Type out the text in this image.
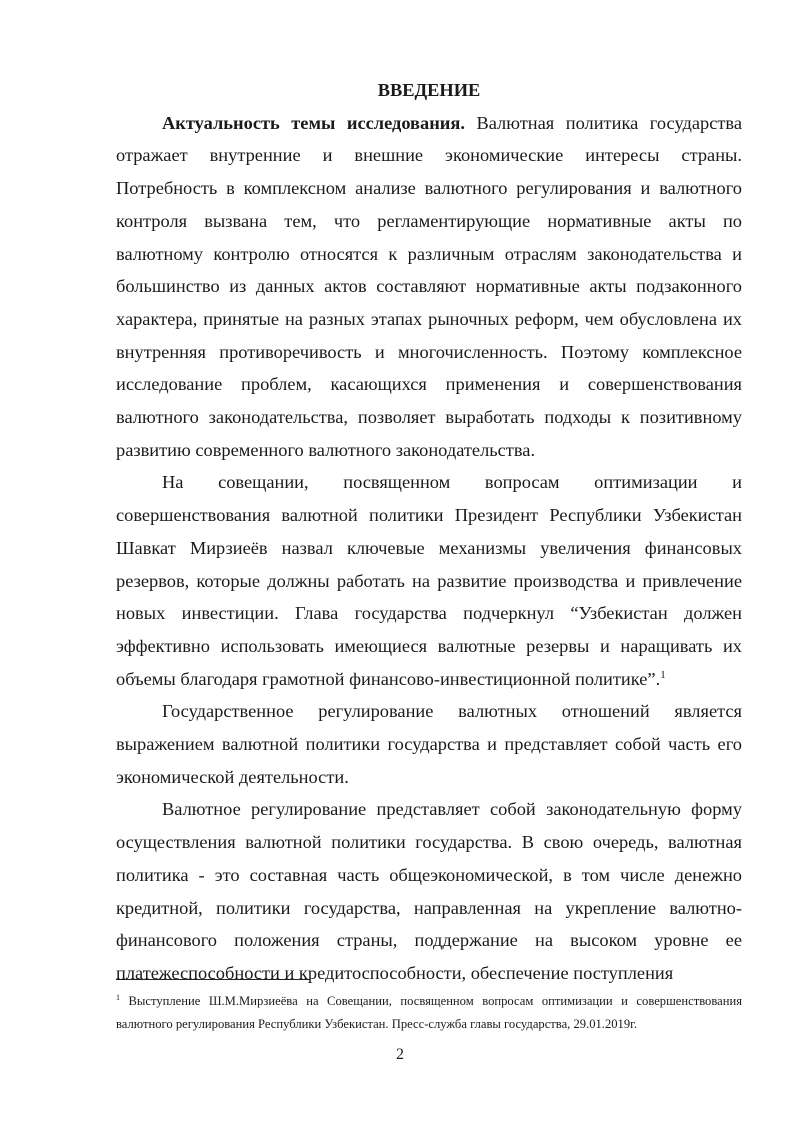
ВВЕДЕНИЕ

Актуальность темы исследования. Валютная политика государства отражает внутренние и внешние экономические интересы страны. Потребность в комплексном анализе валютного регулирования и валютного контроля вызвана тем, что регламентирующие нормативные акты по валютному контролю относятся к различным отраслям законодательства и большинство из данных актов составляют нормативные акты подзаконного характера, принятые на разных этапах рыночных реформ, чем обусловлена их внутренняя противоречивость и многочисленность. Поэтому комплексное исследование проблем, касающихся применения и совершенствования валютного законодательства, позволяет выработать подходы к позитивному развитию современного валютного законодательства.

На совещании, посвященном вопросам оптимизации и совершенствования валютной политики Президент Республики Узбекистан Шавкат Мирзиеёв назвал ключевые механизмы увеличения финансовых резервов, которые должны работать на развитие производства и привлечение новых инвестиции. Глава государства подчеркнул “Узбекистан должен эффективно использовать имеющиеся валютные резервы и наращивать их объемы благодаря грамотной финансово-инвестиционной политике”.$^1$

Государственное регулирование валютных отношений является выражением валютной политики государства и представляет собой часть его экономической деятельности.

Валютное регулирование представляет собой законодательную форму осуществления валютной политики государства. В свою очередь, валютная политика - это составная часть общеэкономической, в том числе денежно кредитной, политики государства, направленная на укрепление валютно-финансового положения страны, поддержание на высоком уровне ее платежеспособности и кредитоспособности, обеспечение поступления

$^1$ Выступление Ш.М.Мирзиеёва на Совещании, посвященном вопросам оптимизации и совершенствования валютного регулирования Республики Узбекистан. Пресс-служба главы государства, 29.01.2019г.

2
